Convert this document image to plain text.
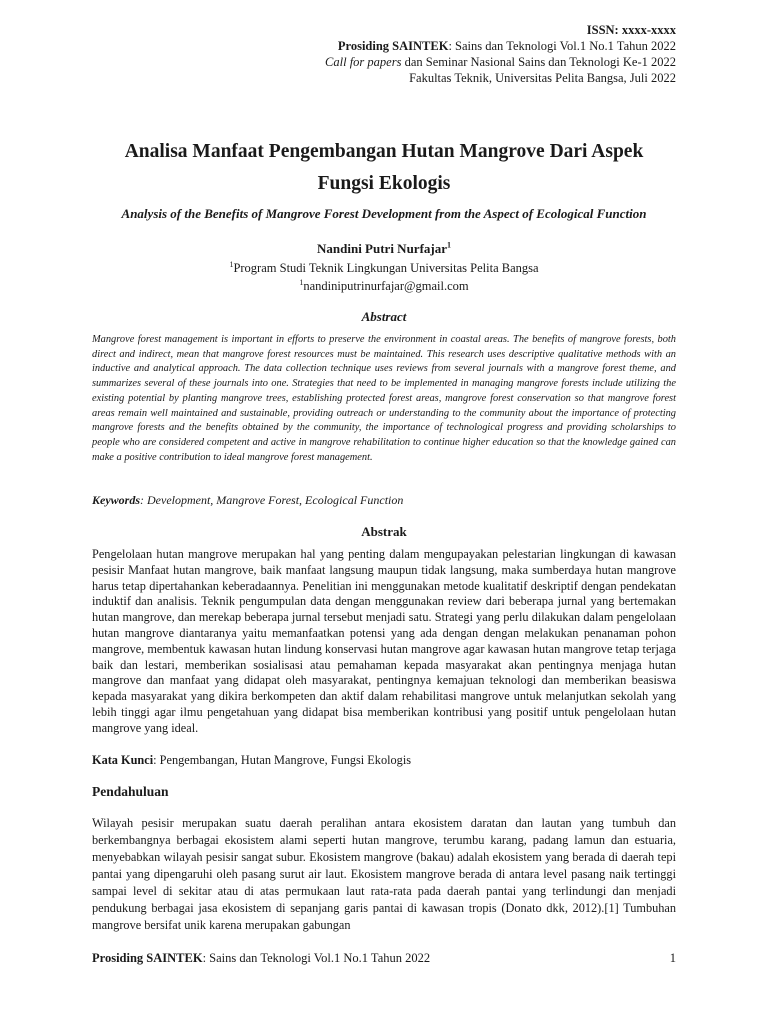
ISSN: xxxx-xxxx
Prosiding SAINTEK: Sains dan Teknologi Vol.1 No.1 Tahun 2022
Call for papers dan Seminar Nasional Sains dan Teknologi Ke-1 2022
Fakultas Teknik, Universitas Pelita Bangsa, Juli 2022
Analisa Manfaat Pengembangan Hutan Mangrove Dari Aspek
Fungsi Ekologis
Analysis of the Benefits of Mangrove Forest Development from the Aspect of Ecological Function
Nandini Putri Nurfajar$^1$
$^1$Program Studi Teknik Lingkungan Universitas Pelita Bangsa
$^1$nandiniputrinurfajar@gmail.com
Abstract
Mangrove forest management is important in efforts to preserve the environment in coastal areas. The benefits of mangrove forests, both direct and indirect, mean that mangrove forest resources must be maintained. This research uses descriptive qualitative methods with an inductive and analytical approach. The data collection technique uses reviews from several journals with a mangrove forest theme, and summarizes several of these journals into one. Strategies that need to be implemented in managing mangrove forests include utilizing the existing potential by planting mangrove trees, establishing protected forest areas, mangrove forest conservation so that mangrove forest areas remain well maintained and sustainable, providing outreach or understanding to the community about the importance of protecting mangrove forests and the benefits obtained by the community, the importance of technological progress and providing scholarships to people who are considered competent and active in mangrove rehabilitation to continue higher education so that the knowledge gained can make a positive contribution to ideal mangrove forest management.
Keywords: Development, Mangrove Forest, Ecological Function
Abstrak
Pengelolaan hutan mangrove merupakan hal yang penting dalam mengupayakan pelestarian lingkungan di kawasan pesisir Manfaat hutan mangrove, baik manfaat langsung maupun tidak langsung, maka sumberdaya hutan mangrove harus tetap dipertahankan keberadaannya. Penelitian ini menggunakan metode kualitatif deskriptif dengan pendekatan induktif dan analisis. Teknik pengumpulan data dengan menggunakan review dari beberapa jurnal yang bertemakan hutan mangrove, dan merekap beberapa jurnal tersebut menjadi satu. Strategi yang perlu dilakukan dalam pengelolaan hutan mangrove diantaranya yaitu memanfaatkan potensi yang ada dengan dengan melakukan penanaman pohon mangrove, membentuk kawasan hutan lindung konservasi hutan mangrove agar kawasan hutan mangrove tetap terjaga baik dan lestari, memberikan sosialisasi atau pemahaman kepada masyarakat akan pentingnya menjaga hutan mangrove dan manfaat yang didapat oleh masyarakat, pentingnya kemajuan teknologi dan memberikan beasiswa kepada masyarakat yang dikira berkompeten dan aktif dalam rehabilitasi mangrove untuk melanjutkan sekolah yang lebih tinggi agar ilmu pengetahuan yang didapat bisa memberikan kontribusi yang positif untuk pengelolaan hutan mangrove yang ideal.
Kata Kunci: Pengembangan, Hutan Mangrove, Fungsi Ekologis
Pendahuluan
Wilayah pesisir merupakan suatu daerah peralihan antara ekosistem daratan dan lautan yang tumbuh dan berkembangnya berbagai ekosistem alami seperti hutan mangrove, terumbu karang, padang lamun dan estuaria, menyebabkan wilayah pesisir sangat subur. Ekosistem mangrove (bakau) adalah ekosistem yang berada di daerah tepi pantai yang dipengaruhi oleh pasang surut air laut. Ekosistem mangrove berada di antara level pasang naik tertinggi sampai level di sekitar atau di atas permukaan laut rata-rata pada daerah pantai yang terlindungi dan menjadi pendukung berbagai jasa ekosistem di sepanjang garis pantai di kawasan tropis (Donato dkk, 2012).[1] Tumbuhan mangrove bersifat unik karena merupakan gabungan
Prosiding SAINTEK: Sains dan Teknologi Vol.1 No.1 Tahun 2022	1
